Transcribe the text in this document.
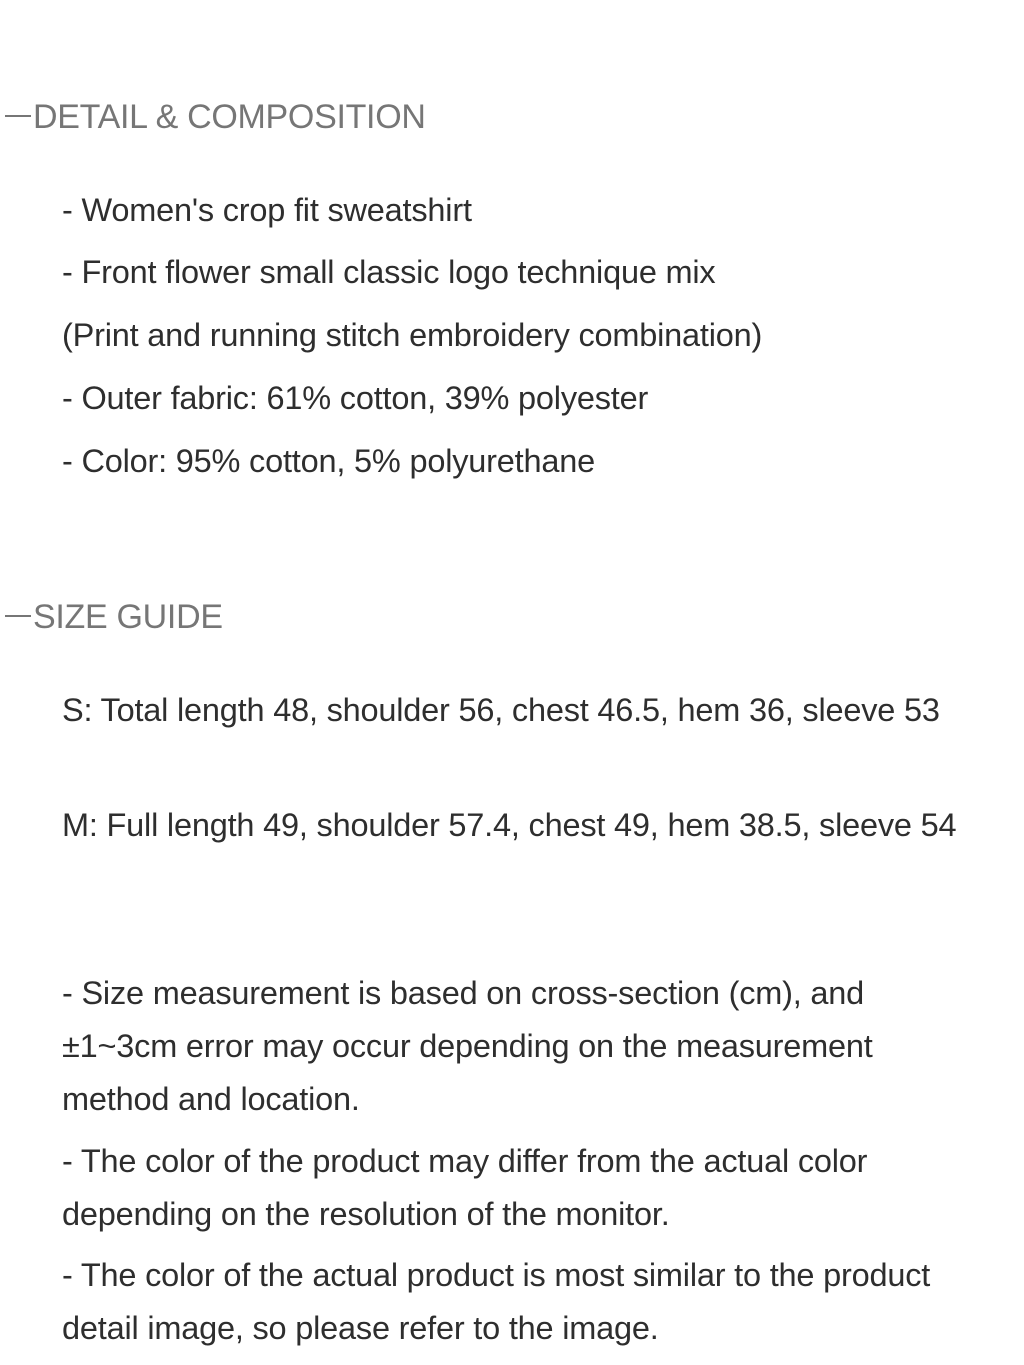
DETAIL & COMPOSITION

- Women's crop fit sweatshirt

- Front flower small classic logo technique mix

(Print and running stitch embroidery combination)

- Outer fabric: 61% cotton, 39% polyester

- Color: 95% cotton, 5% polyurethane

SIZE GUIDE

S: Total length 48, shoulder 56, chest 46.5, hem 36, sleeve 53

M: Full length 49, shoulder 57.4, chest 49, hem 38.5, sleeve 54

- Size measurement is based on cross-section (cm), and ±1~3cm error may occur depending on the measurement method and location.

- The color of the product may differ from the actual color depending on the resolution of the monitor.

- The color of the actual product is most similar to the product detail image, so please refer to the image.
